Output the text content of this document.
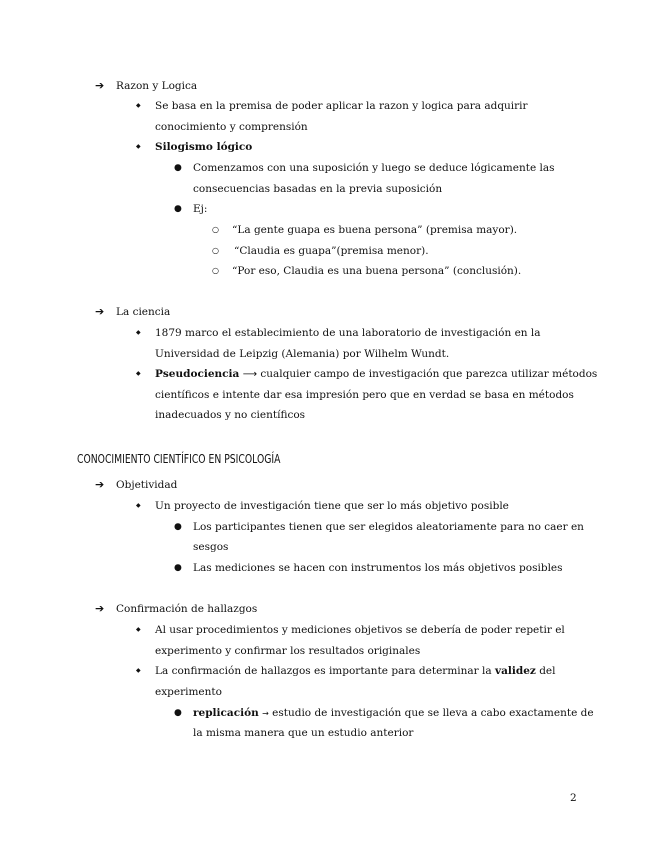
➔ Razon y Logica
◆ Se basa en la premisa de poder aplicar la razon y logica para adquirir
conocimiento y comprensión
◆ Silogismo lógico
● Comenzamos con una suposición y luego se deduce lógicamente las
consecuencias basadas en la previa suposición
● Ej:
○ “La gente guapa es buena persona” (premisa mayor).
○ “Claudia es guapa”(premisa menor).
○ “Por eso, Claudia es una buena persona” (conclusión).
➔ La ciencia
◆ 1879 marco el establecimiento de una laboratorio de investigación en la
Universidad de Leipzig (Alemania) por Wilhelm Wundt.
◆ Pseudociencia ⟶ cualquier campo de investigación que parezca utilizar métodos
científicos e intente dar esa impresión pero que en verdad se basa en métodos
inadecuados y no científicos
CONOCIMIENTO CIENTÍFICO EN PSICOLOGÍA
➔ Objetividad
◆ Un proyecto de investigación tiene que ser lo más objetivo posible
● Los participantes tienen que ser elegidos aleatoriamente para no caer en
sesgos
● Las mediciones se hacen con instrumentos los más objetivos posibles
➔ Confirmación de hallazgos
◆ Al usar procedimientos y mediciones objetivos se debería de poder repetir el
experimento y confirmar los resultados originales
◆ La confirmación de hallazgos es importante para determinar la validez del
experimento
● replicación → estudio de investigación que se lleva a cabo exactamente de
la misma manera que un estudio anterior
2
